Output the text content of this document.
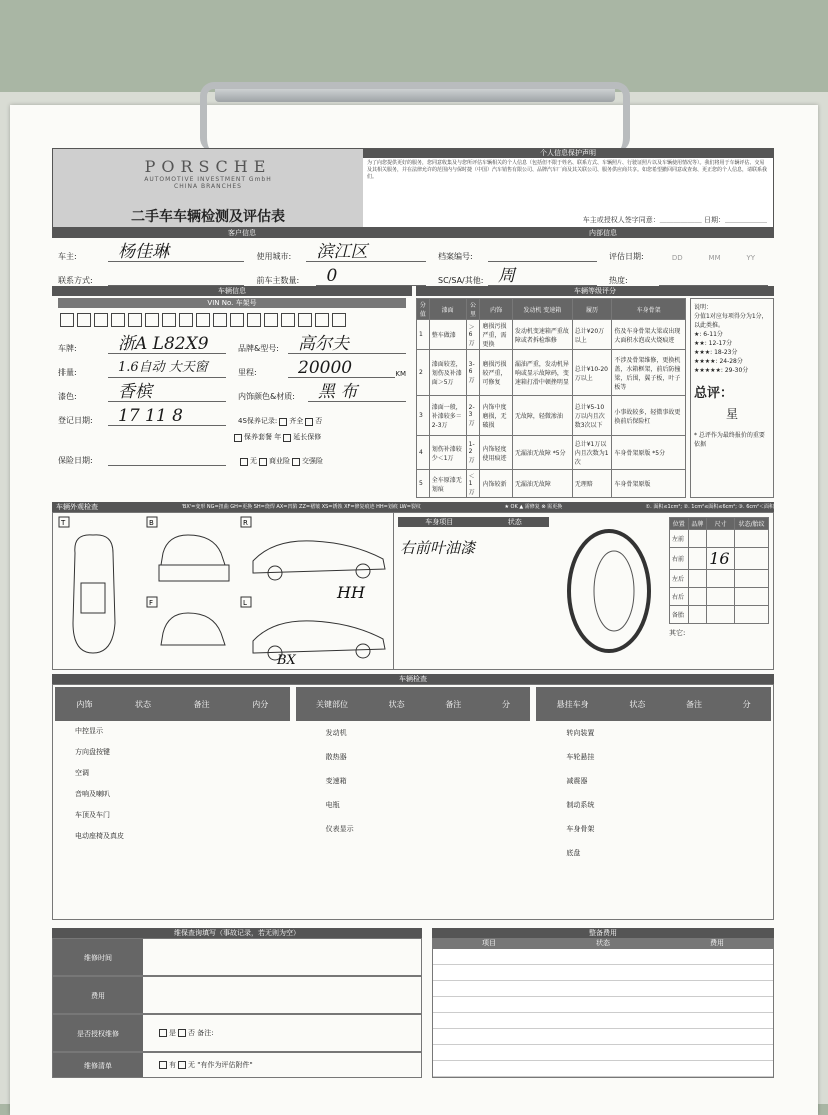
PORSCHE
AUTOMOTIVE INVESTMENT GmbH
CHINA BRANCHES
二手车车辆检测及评估表
个人信息保护声明
为了向您提供更好的服务，您同意收集及与您所评估车辆相关的个人信息（包括但不限于姓名、联系方式、车辆照片、行驶证照片以及车辆使用情况等）。我们将用于车辆评估、交易及其相关服务，并在法律允许的范围内与保时捷（中国）汽车销售有限公司、品牌汽车厂商及其关联公司、服务供应商共享。如您希望撤回同意或查询、更正您的个人信息，请联系我们。
车主或授权人签字同意：＿＿＿＿＿＿ 日期：＿＿＿＿＿＿
客户信息
车主:	杨佳琳	使用城市:	滨江区
联系方式:	前车主数量:	0
内部信息
档案编号:	评估日期:	DD	MM	YY
SC/SA/其他: 周	热度:
车辆信息
VIN No. 车架号
车牌:	浙A L82X9	品牌&型号:	高尔夫
排量:	1.6自动 大天窗	里程:	20000	KM
漆色:	香槟	内饰颜色&材质:	黑 布
登记日期:	17 11 8	4S保养记录: 齐全 否
保养套餐
年 延长保修
保险日期:	无 商业险 交强险
车辆等级评分
分值	漆面	公里	内饰	发动机 变速箱	履历	车身骨架
1	整车做漆	＞6万	磨损污损严重，需更换	发动机变速箱严重故障或者拆检维修	总计¥20万以上	伤及车身骨架大梁或出现大面积水泡或火烧痕迹
2	漆面较差，划伤及补漆面＞5万	3-6万	磨损污损较严重，可修复	漏油严重，发动机异响或显示故障码，变速箱打滑中顿挫明显	总计¥10-20万以上	不涉及骨架维修，更换机盖，水箱框架，前后防撞梁，后围，翼子板，叶子板等
3	漆面一般，补漆较多＝2-3万	2-3万	内饰中度磨损，无破损	无故障，轻微渗油	总计¥5-10万以内且次数3次以下	小事故较多，轻微事故更换前后保险杠
4	划伤补漆较少＜1万	1-2万	内饰轻度使用痕迹	无漏油无故障 *5分	总计¥1万以内且次数为1次	车身骨架原版 *5分
5	全车原漆无划痕	＜1万	内饰较新	无漏油无故障	无理赔	车身骨架原版
说明：
分值1对应每项得分为1分，以此类推。
★: 6-11分
★★: 12-17分
★★★: 18-23分
★★★★: 24-28分
★★★★★: 29-30分
总评：
星
* 总评作为最终报价的重要依据
车辆外观检查	'BX'=变形 NG=扭曲 GH=更换 SH=烧焊 AX=凹陷 ZZ=褶皱 XS=锈蚀 XF=修复痕迹 HH=划痕 LW=裂纹	★ OK ▲ 需修复 ⊗ 需更换	①. 面积≤1cm²; ②. 1cm²≤面积≤6cm²; ③. 6cm²＜面积
T	B	R
F	L
HH
BX
车身项目	状态
右前叶油漆
位置	品牌	尺寸	状态/胎纹
左前			
右前		16	
左后			
右后			
备胎			
其它:
车辆检查
内饰	状态	备注	内分
中控显示
方向盘按键
空调
音响及喇叭
车顶及车门
电动座椅及真皮
关键部位	状态	备注	分
发动机
散热器
变速箱
电瓶
仪表显示
悬挂车身	状态	备注	分
转向装置
车轮悬挂
减震器
制动系统
车身骨架
底盘
维保查询填写（事故记录，若无则为空）
维修时间
费用
是否授权维修	是 否 备注:
维修清单	有 无 "有作为评估附件"
整备费用
项目	状态	费用
